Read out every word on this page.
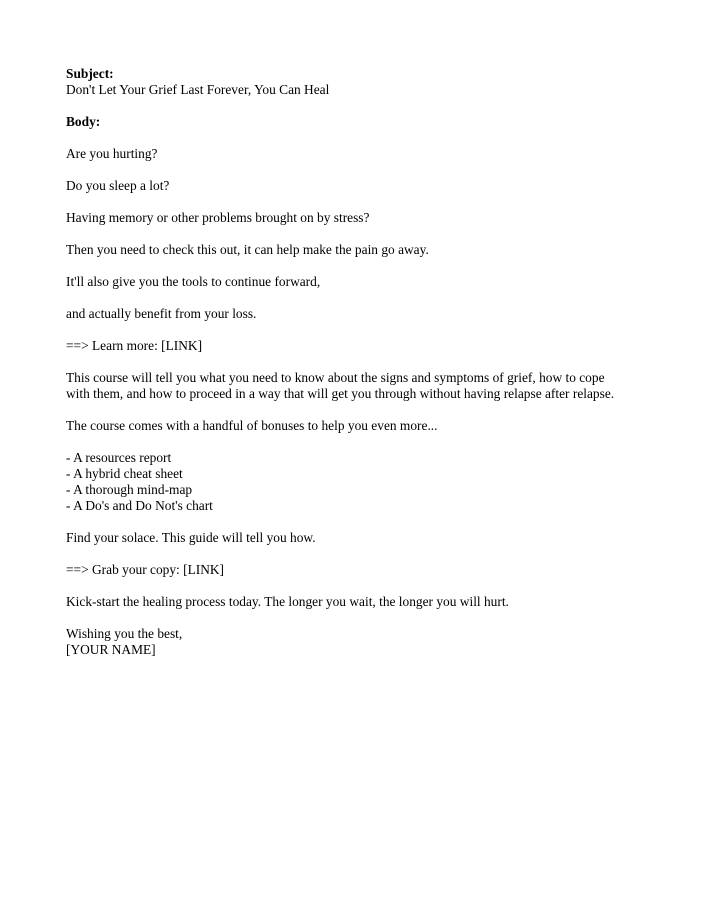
Subject:
Don't Let Your Grief Last Forever, You Can Heal
Body:
Are you hurting?
Do you sleep a lot?
Having memory or other problems brought on by stress?
Then you need to check this out, it can help make the pain go away.
It'll also give you the tools to continue forward,
and actually benefit from your loss.
==> Learn more: [LINK]
This course will tell you what you need to know about the signs and symptoms of grief, how to cope
with them, and how to proceed in a way that will get you through without having relapse after relapse.
The course comes with a handful of bonuses to help you even more...
- A resources report
- A hybrid cheat sheet
- A thorough mind-map
- A Do's and Do Not's chart
Find your solace. This guide will tell you how.
==> Grab your copy: [LINK]
Kick-start the healing process today. The longer you wait, the longer you will hurt.
Wishing you the best,
[YOUR NAME]
